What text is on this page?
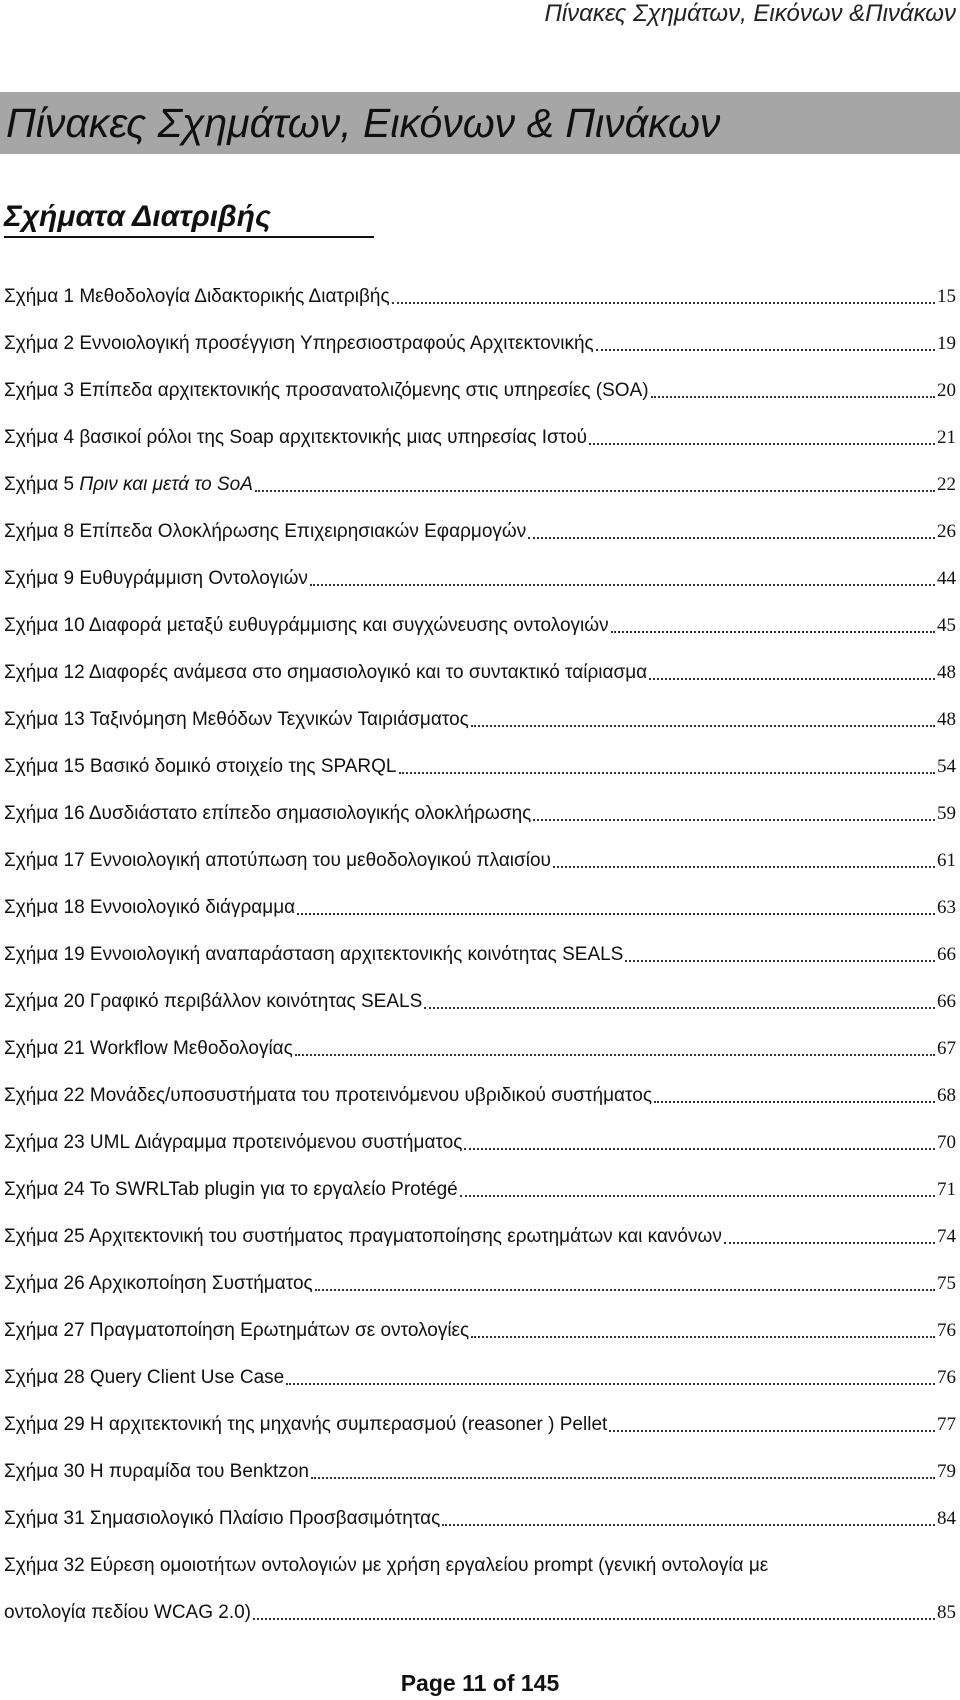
Πίνακες Σχημάτων, Εικόνων &Πινάκων
Πίνακες Σχημάτων, Εικόνων & Πινάκων
Σχήματα Διατριβής
Σχήμα 1 Μεθοδολογία Διδακτορικής Διατριβής	15
Σχήμα 2 Εννοιολογική προσέγγιση Υπηρεσιοστραφούς Αρχιτεκτονικής	19
Σχήμα 3 Επίπεδα αρχιτεκτονικής προσανατολιζόμενης στις υπηρεσίες (SOA)	20
Σχήμα 4 βασικοί ρόλοι της Soap αρχιτεκτονικής μιας υπηρεσίας Ιστού	21
Σχήμα 5 Πριν και μετά το SoA	22
Σχήμα 8 Επίπεδα Ολοκλήρωσης Επιχειρησιακών Εφαρμογών	26
Σχήμα 9 Ευθυγράμμιση Οντολογιών	44
Σχήμα 10 Διαφορά μεταξύ ευθυγράμμισης και συγχώνευσης οντολογιών	45
Σχήμα 12 Διαφορές ανάμεσα στο σημασιολογικό και το συντακτικό ταίριασμα	48
Σχήμα 13 Ταξινόμηση Μεθόδων Τεχνικών Ταιριάσματος	48
Σχήμα 15 Βασικό δομικό στοιχείο της SPARQL	54
Σχήμα 16 Δυσδιάστατο επίπεδο σημασιολογικής ολοκλήρωσης	59
Σχήμα 17 Εννοιολογική αποτύπωση του μεθοδολογικού πλαισίου	61
Σχήμα 18 Εννοιολογικό διάγραμμα	63
Σχήμα 19 Εννοιολογική αναπαράσταση αρχιτεκτονικής κοινότητας SEALS	66
Σχήμα 20 Γραφικό περιβάλλον κοινότητας SEALS	66
Σχήμα 21 Workflow Μεθοδολογίας	67
Σχήμα 22 Μονάδες/υποσυστήματα του προτεινόμενου υβριδικού συστήματος	68
Σχήμα 23 UML Διάγραμμα προτεινόμενου συστήματος	70
Σχήμα 24 Το SWRLTab plugin για το εργαλείο Protégé	71
Σχήμα 25 Αρχιτεκτονική του συστήματος πραγματοποίησης ερωτημάτων και κανόνων	74
Σχήμα 26 Αρχικοποίηση Συστήματος	75
Σχήμα 27 Πραγματοποίηση Ερωτημάτων σε οντολογίες	76
Σχήμα 28 Query Client Use Case	76
Σχήμα 29 Η αρχιτεκτονική της μηχανής συμπερασμού (reasoner ) Pellet	77
Σχήμα 30 Η πυραμίδα του Benktzon	79
Σχήμα 31 Σημασιολογικό Πλαίσιο Προσβασιμότητας	84
Σχήμα 32 Εύρεση ομοιοτήτων οντολογιών με χρήση εργαλείου prompt (γενική οντολογία με
οντολογία πεδίου WCAG 2.0)	85
Page 11 of 145
